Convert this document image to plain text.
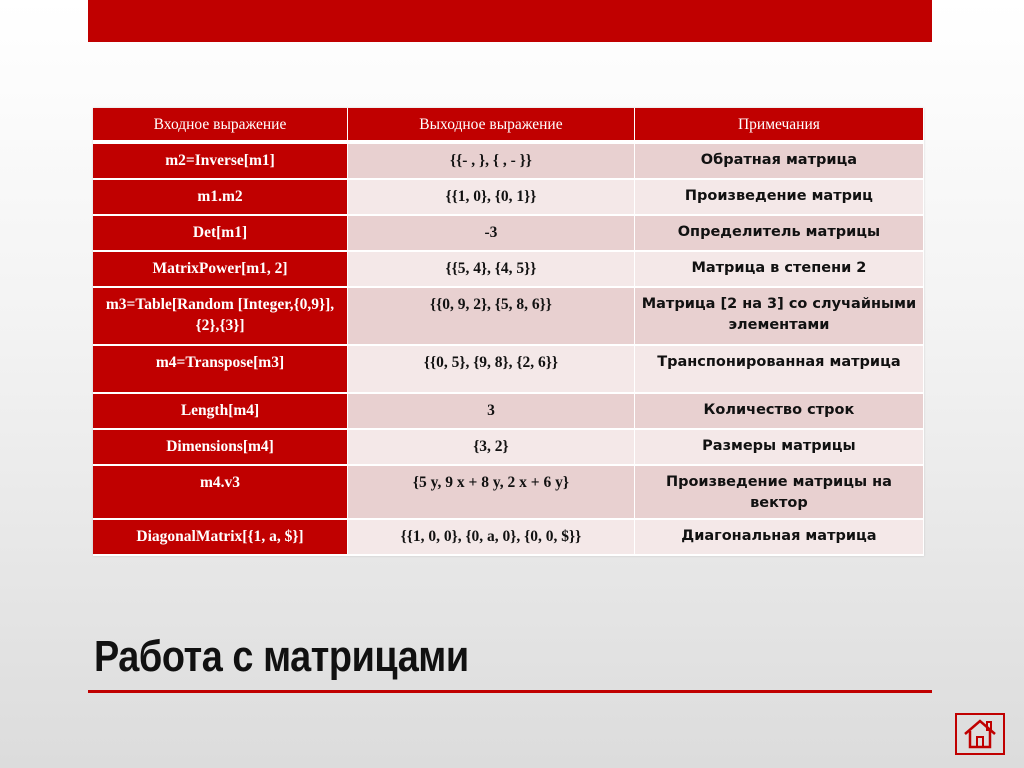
Входное выражение	Выходное выражение	Примечания
m2=Inverse[m1]	{{- , }, { , - }}	Обратная матрица
m1.m2	{{1, 0}, {0, 1}}	Произведение матриц
Det[m1]	-3	Определитель матрицы
MatrixPower[m1, 2]	{{5, 4}, {4, 5}}	Матрица в степени 2
m3=Table[Random [Integer,{0,9}],{2},{3}]	{{0, 9, 2}, {5, 8, 6}}	Матрица [2 на 3] со случайными элементами
m4=Transpose[m3]	{{0, 5}, {9, 8}, {2, 6}}	Транспонированная матрица
Length[m4]	3	Количество строк
Dimensions[m4]	{3, 2}	Размеры матрицы
m4.v3	{5 y, 9 x + 8 y, 2 x + 6 y}	Произведение матрицы на вектор
DiagonalMatrix[{1, a, $}]	{{1, 0, 0}, {0, a, 0}, {0, 0, $}}	Диагональная матрица
Работа с матрицами
